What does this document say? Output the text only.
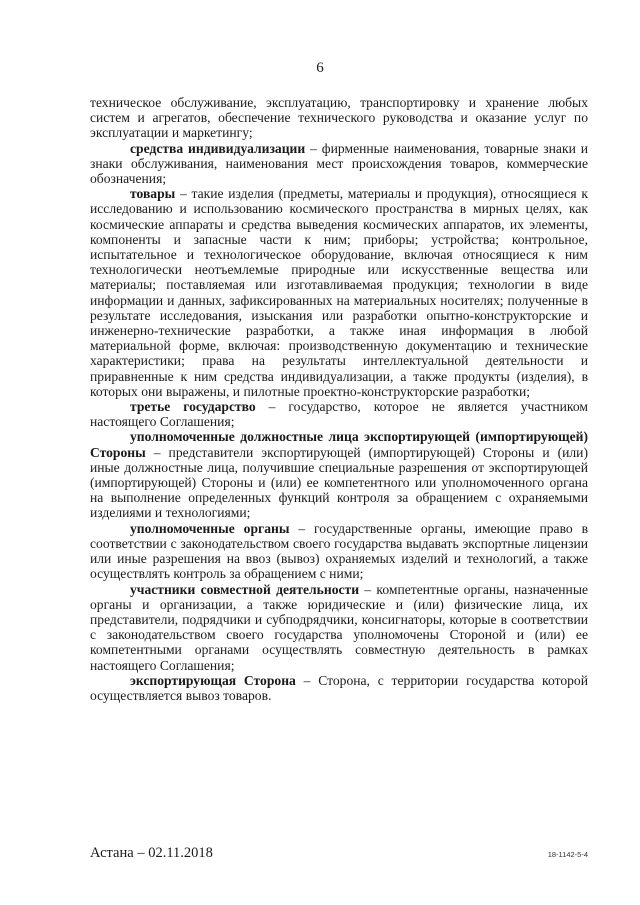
6

техническое обслуживание, эксплуатацию, транспортировку и хранение любых систем и агрегатов, обеспечение технического руководства и оказание услуг по эксплуатации и маркетингу;

средства индивидуализации – фирменные наименования, товарные знаки и знаки обслуживания, наименования мест происхождения товаров, коммерческие обозначения;

товары – такие изделия (предметы, материалы и продукция), относящиеся к исследованию и использованию космического пространства в мирных целях, как космические аппараты и средства выведения космических аппаратов, их элементы, компоненты и запасные части к ним; приборы; устройства; контрольное, испытательное и технологическое оборудование, включая относящиеся к ним технологически неотъемлемые природные или искусственные вещества или материалы; поставляемая или изготавливаемая продукция; технологии в виде информации и данных, зафиксированных на материальных носителях; полученные в результате исследования, изыскания или разработки опытно-конструкторские и инженерно-технические разработки, а также иная информация в любой материальной форме, включая: производственную документацию и технические характеристики; права на результаты интеллектуальной деятельности и приравненные к ним средства индивидуализации, а также продукты (изделия), в которых они выражены, и пилотные проектно-конструкторские разработки;

третье государство – государство, которое не является участником настоящего Соглашения;

уполномоченные должностные лица экспортирующей (импортирующей) Стороны – представители экспортирующей (импортирующей) Стороны и (или) иные должностные лица, получившие специальные разрешения от экспортирующей (импортирующей) Стороны и (или) ее компетентного или уполномоченного органа на выполнение определенных функций контроля за обращением с охраняемыми изделиями и технологиями;

уполномоченные органы – государственные органы, имеющие право в соответствии с законодательством своего государства выдавать экспортные лицензии или иные разрешения на ввоз (вывоз) охраняемых изделий и технологий, а также осуществлять контроль за обращением с ними;

участники совместной деятельности – компетентные органы, назначенные органы и организации, а также юридические и (или) физические лица, их представители, подрядчики и субподрядчики, консигнаторы, которые в соответствии с законодательством своего государства уполномочены Стороной и (или) ее компетентными органами осуществлять совместную деятельность в рамках настоящего Соглашения;

экспортирующая Сторона – Сторона, с территории государства которой осуществляется вывоз товаров.

Астана – 02.11.2018	18-1142-5-4
